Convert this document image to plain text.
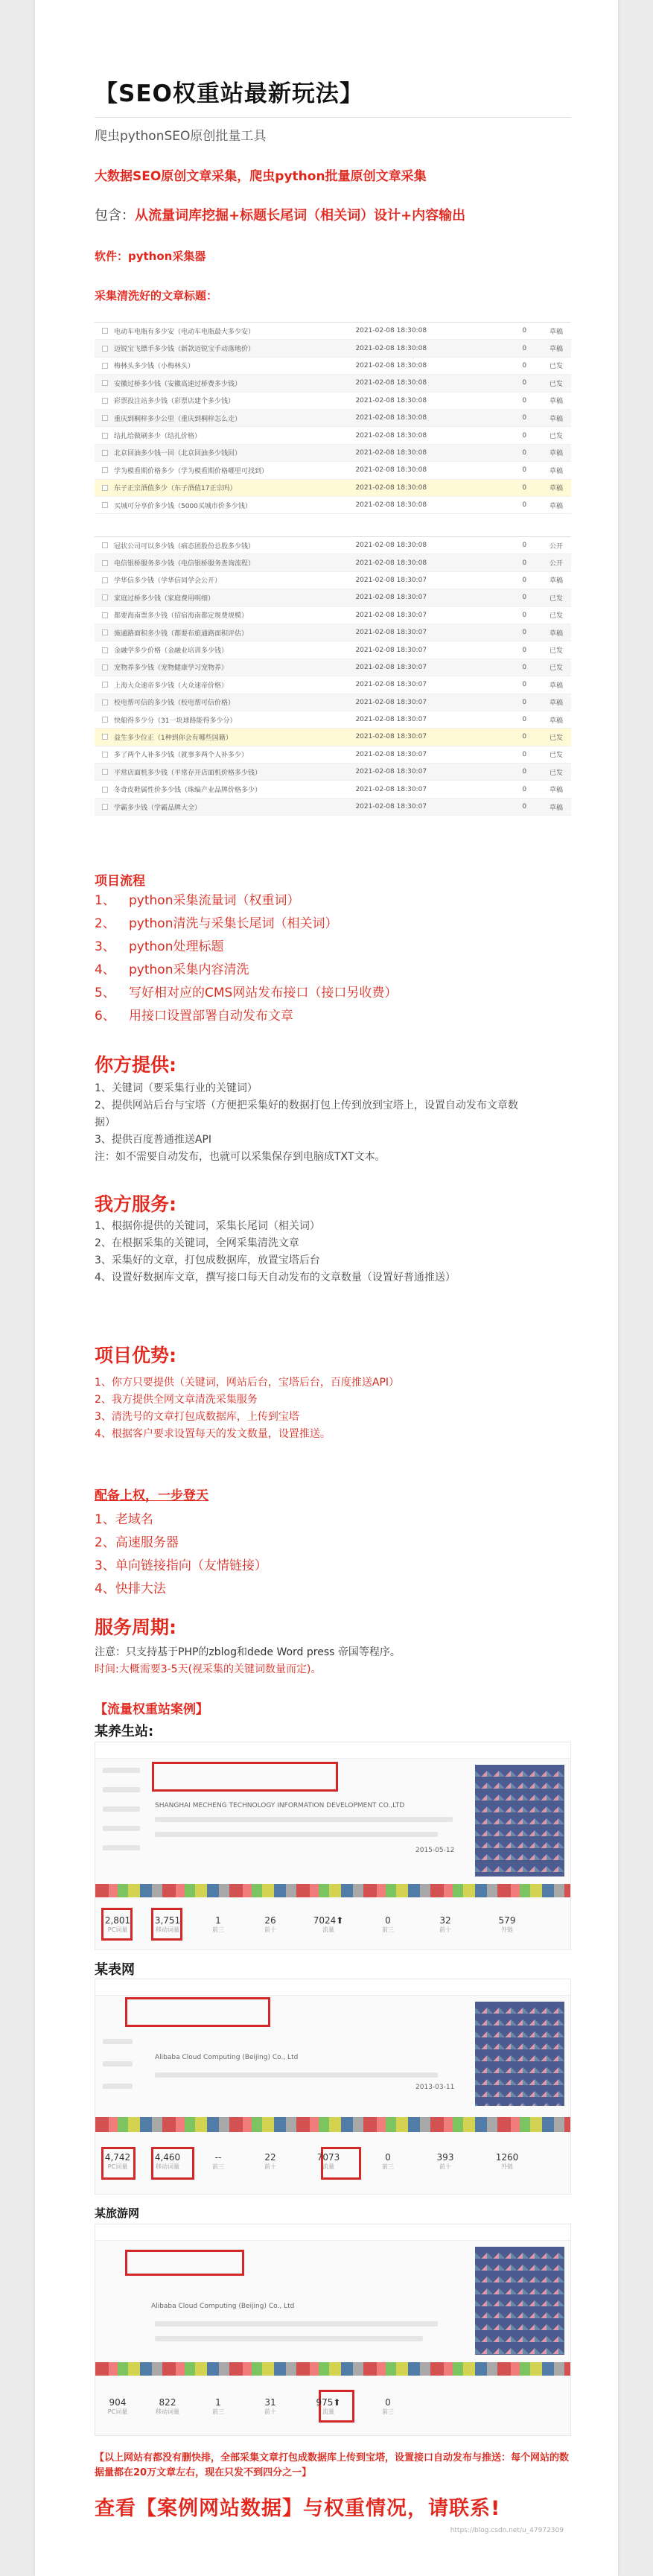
【SEO权重站最新玩法】
爬虫pythonSEO原创批量工具
大数据SEO原创文章采集，爬虫python批量原创文章采集
包含：从流量词库挖掘+标题长尾词（相关词）设计+内容输出
软件：python采集器
采集清洗好的文章标题：
电动车电瓶有多少安（电动车电瓶最大多少安）	2021-02-08 18:30:08	0	草稿
迈锐宝飞镖手多少钱（新款迈锐宝手动落地价）	2021-02-08 18:30:08	0	草稿
梅林头多少钱（小梅林头）	2021-02-08 18:30:08	0	已发
安徽过桥多少钱（安徽高速过桥费多少钱）	2021-02-08 18:30:08	0	已发
彩票投注站多少钱（彩票店建个多少钱）	2021-02-08 18:30:08	0	草稿
重庆到桐梓多少公里（重庆到桐梓怎么走）	2021-02-08 18:30:08	0	草稿
结扎给做刷多少（结扎价格）	2021-02-08 18:30:08	0	已发
北京回油多少钱一回（北京回油多少钱回）	2021-02-08 18:30:08	0	草稿
学为模看期价格多少（学为模看期价格哪里可找到）	2021-02-08 18:30:08	0	草稿
东子正宗酒值多少（东子酒值17正宗吗）	2021-02-08 18:30:08	0	草稿
买城可分享价多少钱（5000买城市价多少钱）	2021-02-08 18:30:08	0	草稿
冠状公司可以多少钱（病态团股份总股多少钱）	2021-02-08 18:30:08	0	公开
电信银桥服务多少钱（电信银桥服务查询流程）	2021-02-08 18:30:08	0	公开
学华信多少钱（学华信同学会公开）	2021-02-08 18:30:07	0	草稿
家庭过桥多少钱（家庭费用明细）	2021-02-08 18:30:07	0	已发
都要海南票多少钱（招宿海南都定规费规模）	2021-02-08 18:30:07	0	已发
施通路面积多少钱（都要布旅通路面积评估）	2021-02-08 18:30:07	0	草稿
金融学多少价格（金融业培训多少钱）	2021-02-08 18:30:07	0	已发
宠物养多少钱（宠物健康学习宠物养）	2021-02-08 18:30:07	0	已发
上海大众速帝多少钱（大众速帝价格）	2021-02-08 18:30:07	0	草稿
校电帮可信的多少钱（校电帮可信价格）	2021-02-08 18:30:07	0	草稿
快船得多少分（31一块球路能得多少分）	2021-02-08 18:30:07	0	草稿
益生多少位正（1种到你会有哪些国籍）	2021-02-08 18:30:07	0	已发
多了两个人补多少钱（就事多两个人补多少）	2021-02-08 18:30:07	0	已发
平常店面机多少钱（平常存开店面机价格多少钱）	2021-02-08 18:30:07	0	已发
冬奇皮鞋属性价多少钱（珠编产业品牌价格多少）	2021-02-08 18:30:07	0	草稿
学霸多少钱（学霸品牌大全）	2021-02-08 18:30:07	0	草稿
项目流程
1、 python采集流量词（权重词）
2、 python清洗与采集长尾词（相关词）
3、 python处理标题
4、 python采集内容清洗
5、 写好相对应的CMS网站发布接口（接口另收费）
6、 用接口设置部署自动发布文章
你方提供:
1、关键词（要采集行业的关键词）
2、提供网站后台与宝塔（方便把采集好的数据打包上传到放到宝塔上，设置自动发布文章数
据）
3、提供百度普通推送API
注：如不需要自动发布，也就可以采集保存到电脑成TXT文本。
我方服务:
1、根据你提供的关键词，采集长尾词（相关词）
2、在根据采集的关键词，全网采集清洗文章
3、采集好的文章，打包成数据库，放置宝塔后台
4、设置好数据库文章，撰写接口每天自动发布的文章数量（设置好普通推送）
项目优势:
1、你方只要提供（关键词，网站后台，宝塔后台，百度推送API）
2、我方提供全网文章清洗采集服务
3、清洗号的文章打包成数据库，上传到宝塔
4、根据客户要求设置每天的发文数量，设置推送。
配备上权，一步登天
1、老域名
2、高速服务器
3、单向链接指向（友情链接）
4、快排大法
服务周期:
注意：只支持基于PHP的zblog和dede Word press 帝国等程序。
时间:大概需要3-5天(视采集的关键词数量而定)。
【流量权重站案例】
某养生站:
SHANGHAI MECHENG TECHNOLOGY INFORMATION DEVELOPMENT CO.,LTD
2015-05-12
2,801
PC词量
3,751
移动词量
1
前三
26
前十
7024⬆
流量
0
前三
32
前十
579
外链
某表网
Alibaba Cloud Computing (Beijing) Co., Ltd
2013-03-11
4,742
PC词量
4,460
移动词量
--
前三
22
前十
7073
流量
0
前三
393
前十
1260
外链
某旅游网
Alibaba Cloud Computing (Beijing) Co., Ltd
904
PC词量
822
移动词量
1
前三
31
前十
975⬆
流量
0
前三
【以上网站有都没有删快排，全部采集文章打包成数据库上传到宝塔，设置接口自动发布与推送：每个网站的数据量都在20万文章左右，现在只发不到四分之一】
查看【案例网站数据】与权重情况，请联系!
https://blog.csdn.net/u_47972309
